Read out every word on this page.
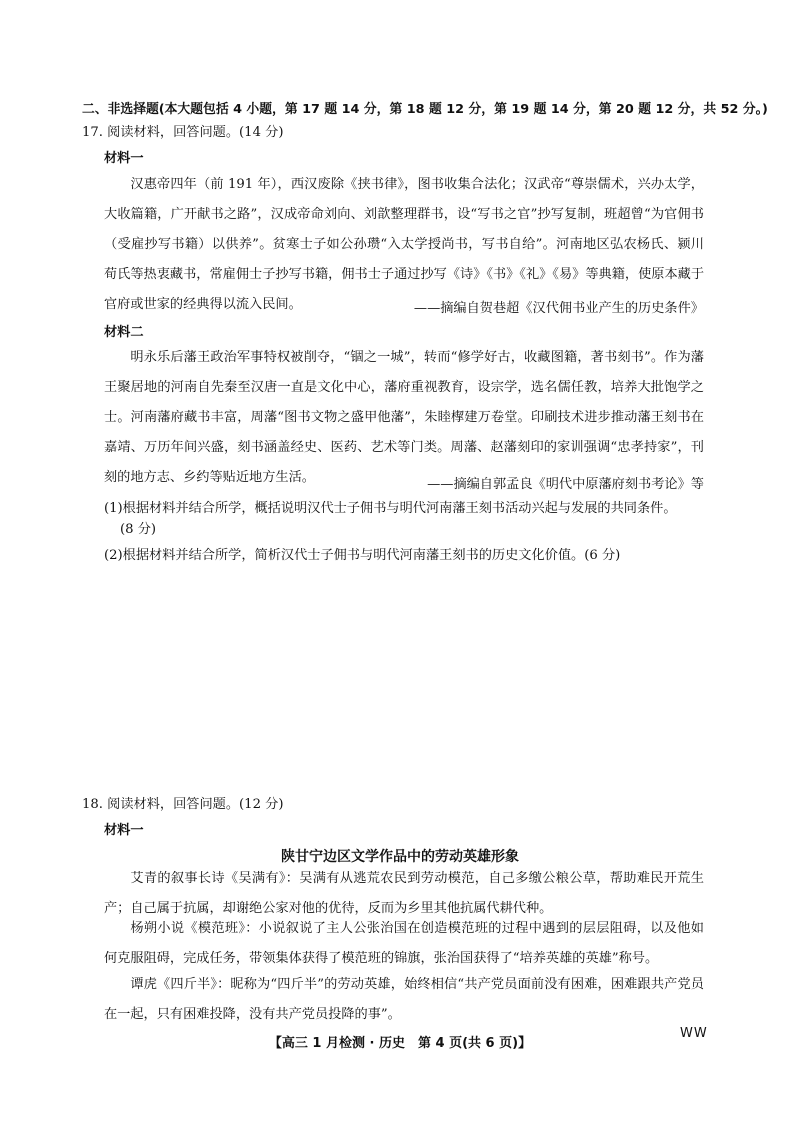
二、非选择题(本大题包括 4 小题，第 17 题 14 分，第 18 题 12 分，第 19 题 14 分，第 20 题 12 分，共 52 分。)
17. 阅读材料，回答问题。(14 分)
材料一
汉惠帝四年（前 191 年），西汉废除《挟书律》，图书收集合法化；汉武帝“尊崇儒术，兴办太学，大收篇籍，广开献书之路”，汉成帝命刘向、刘歆整理群书，设“写书之官”抄写复制，班超曾“为官佣书（受雇抄写书籍）以供养”。贫寒士子如公孙瓒“入太学授尚书，写书自给”。河南地区弘农杨氏、颍川荀氏等热衷藏书，常雇佣士子抄写书籍，佣书士子通过抄写《诗》《书》《礼》《易》等典籍，使原本藏于官府或世家的经典得以流入民间。	——摘编自贺巷超《汉代佣书业产生的历史条件》
材料二
明永乐后藩王政治军事特权被削夺，“锢之一城”，转而“修学好古，收藏图籍，著书刻书”。作为藩王聚居地的河南自先秦至汉唐一直是文化中心，藩府重视教育，设宗学，选名儒任教，培养大批饱学之士。河南藩府藏书丰富，周藩“图书文物之盛甲他藩”，朱睦㮮建万卷堂。印刷技术进步推动藩王刻书在嘉靖、万历年间兴盛，刻书涵盖经史、医药、艺术等门类。周藩、赵藩刻印的家训强调“忠孝持家”，刊刻的地方志、乡约等贴近地方生活。	——摘编自郭孟良《明代中原藩府刻书考论》等
(1)根据材料并结合所学，概括说明汉代士子佣书与明代河南藩王刻书活动兴起与发展的共同条件。
(8 分)
(2)根据材料并结合所学，简析汉代士子佣书与明代河南藩王刻书的历史文化价值。(6 分)
18. 阅读材料，回答问题。(12 分)
材料一
陕甘宁边区文学作品中的劳动英雄形象
艾青的叙事长诗《吴满有》：吴满有从逃荒农民到劳动模范，自己多缴公粮公草，帮助难民开荒生产；自己属于抗属，却谢绝公家对他的优待，反而为乡里其他抗属代耕代种。
杨朔小说《模范班》：小说叙说了主人公张治国在创造模范班的过程中遇到的层层阻碍，以及他如何克服阻碍，完成任务，带领集体获得了模范班的锦旗，张治国获得了“培养英雄的英雄”称号。
谭虎《四斤半》：昵称为“四斤半”的劳动英雄，始终相信“共产党员面前没有困难，困难跟共产党员在一起，只有困难投降，没有共产党员投降的事”。
【高三 1 月检测 · 历史　第 4 页(共 6 页)】
WW
